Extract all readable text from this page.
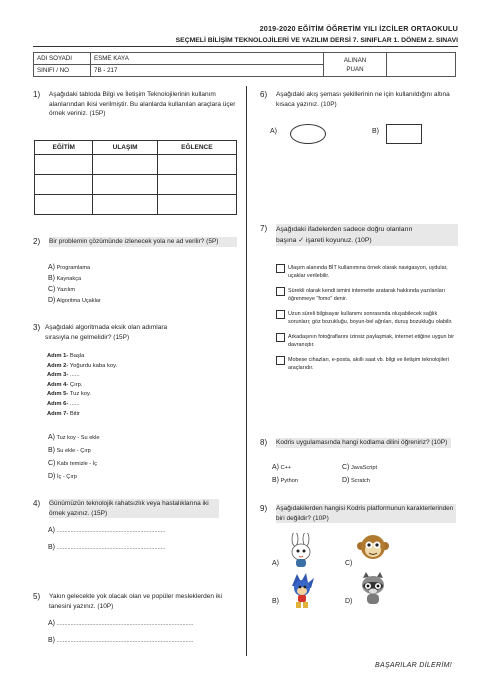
2019-2020 EĞİTİM ÖĞRETİM YILI İZCİLER ORTAOKULU
SEÇMELİ BİLİŞİM TEKNOLOJİLERİ VE YAZILIM DERSİ 7. SINIFLAR 1. DÖNEM 2. SINAVI
ADI SOYADI	ESME KAYA	ALINAN
PUAN	
SINIFI / NO	7B - 217		
1) Aşağıdaki tabloda Bilgi ve İletişim Teknolojilerinin kullanım alanlarından ikisi verilmiştir. Bu alanlarda kullanılan araçlara üçer örnek veriniz. (15P)
EĞİTİM	ULAŞIM	EĞLENCE

2) Bir problemin çözümünde izlenecek yola ne ad verilir? (5P)
A) Programlama
B) Kaynakça
C) Yazılım
D) Algoritma Uçaklar
3) Aşağıdaki algoritmada eksik olan adımlara
sırasıyla ne gelmelidir? (15P)
Adım 1- Başla
Adım 2- Yoğurdu kaba koy.
Adım 3- ......
Adım 4- Çırp.
Adım 5- Tuz koy.
Adım 6- ......
Adım 7- Bitir
A) Tuz koy - Su ekle
B) Su ekle - Çırp
C) Kabı temizle - İç
D) İç - Çırp
4) Günümüzün teknolojik rahatsızlık veya hastalıklarına iki örnek yazınız. (15P)
A) ......................................................................
B) ......................................................................
5) Yakın gelecekte yok olacak olan ve popüler mesleklerden iki tanesini yazınız. (10P)
A) ........................................................................................
B) ........................................................................................
6) Aşağıdaki akış şeması şekillerinin ne için kullanıldığını altına kısaca yazınız. (10P)
A)	B)
7) Aşağıdaki ifadelerden sadece doğru olanların
başına ✓ işareti koyunuz. (10P)
Ulaşım alanında BİT kullanımına örnek olarak navigasyon, uydular, uçaklar verilebilir.
Sürekli olarak kendi ismini internette aratarak hakkında yazılanları öğrenmeye "fomo" denir.
Uzun süreli bilgisayar kullanımı sonrasında oluşabilecek sağlık sorunları; göz bozukluğu, boyun-bel ağrıları, duruş bozukluğu olabilir.
Arkadaşının fotoğraflarını izinsiz paylaşmak, internet etiğine uygun bir davranıştır.
Mobese cihazları, e-posta, akıllı saat vb. bilgi ve iletişim teknolojileri araçlarıdır.
8) Kodris uygulamasında hangi kodlama dilini öğreniriz? (10P)
A) C++	C) JavaScript
B) Python	D) Scratch
9) Aşağıdakilerden hangisi Kodris platformunun karakterlerinden biri değildir? (10P)
A)	C)
B)	D)
BAŞARILAR DİLERİM!
